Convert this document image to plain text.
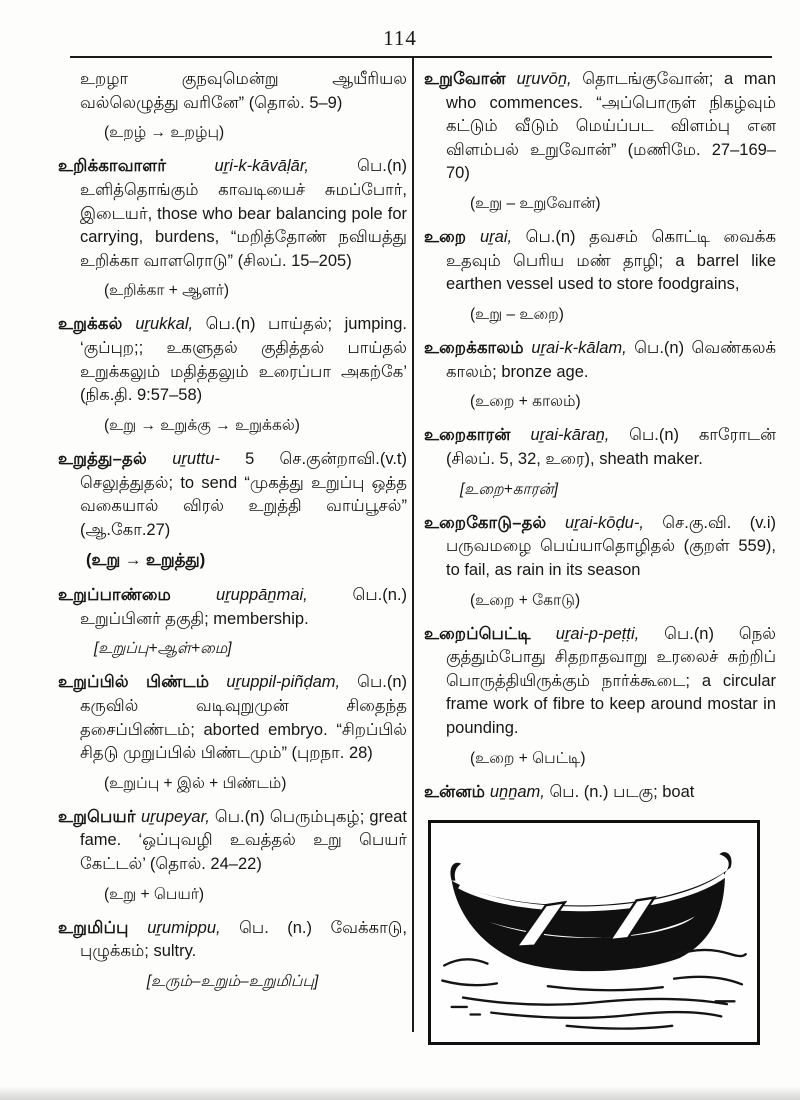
114

உறழா குநவுமென்று ஆயீரியல வல்லெழுத்து வரினே” (தொல். 5–9)

(உறழ் → உறழ்பு)

உறிக்காவாளர் uṟi-k-kāvāḷār, பெ.(n) உளித்தொங்கும் காவடியைச் சுமப்போர், இடையர், those who bear balancing pole for carrying, burdens, “மறித்தோண் நவியத்து உறிக்கா வாளரொடு” (சிலப். 15–205)

(உறிக்கா + ஆளர்)

உறுக்கல் uṟukkal, பெ.(n) பாய்தல்; jumping. ‘குப்புற;; உகளுதல் குதித்தல் பாய்தல் உறுக்கலும் மதித்தலும் உரைப்பா அகற்கே’ (நிக.தி. 9:57–58)

(உறு → உறுக்கு → உறுக்கல்)

உறுத்து–தல் uṟuttu- 5 செ.குன்றாவி.(v.t) செலுத்துதல்; to send “முகத்து உறுப்பு ஒத்த வகையால் விரல் உறுத்தி வாய்பூசல்” (ஆ.கோ.27)

(உறு → உறுத்து)

உறுப்பாண்மை uṟuppāṉmai, பெ.(n.) உறுப்பினர் தகுதி; membership.

[உறுப்பு+ஆள்+மை]

உறுப்பில் பிண்டம் uṟuppil-piñḍam, பெ.(n) கருவில் வடிவுறுமுன் சிதைந்த தசைப்பிண்டம்; aborted embryo. “சிறப்பில் சிதடு முறுப்பில் பிண்டமும்” (புறநா. 28)

(உறுப்பு + இல் + பிண்டம்)

உறுபெயர் uṟupeyar, பெ.(n) பெரும்புகழ்; great fame. ‘ஒப்புவழி உவத்தல் உறு பெயர் கேட்டல்’ (தொல். 24–22)

(உறு + பெயர்)

உறுமிப்பு uṟumippu, பெ. (n.) வேக்காடு, புழுக்கம்; sultry.

[உரும்–உறும்–உறுமிப்பு]

உறுவோன் uṟuvōṉ, தொடங்குவோன்; a man who commences. “அப்பொருள் நிகழ்வும் கட்டும் வீடும் மெய்ப்பட விளம்பு என விளம்பல் உறுவோன்” (மணிமே. 27–169–70)

(உறு – உறுவோன்)

உறை uṟai, பெ.(n) தவசம் கொட்டி வைக்க உதவும் பெரிய மண் தாழி; a barrel like earthen vessel used to store foodgrains,

(உறு – உறை)

உறைக்காலம் uṟai-k-kālam, பெ.(n) வெண்கலக் காலம்; bronze age.

(உறை + காலம்)

உறைகாரன் uṟai-kāraṉ, பெ.(n) காரோடன் (சிலப். 5, 32, உரை), sheath maker.

[உறை+காரன்]

உறைகோடு–தல் uṟai-kōḍu-, செ.கு.வி. (v.i) பருவமழை பெய்யாதொழிதல் (குறள் 559), to fail, as rain in its season

(உறை + கோடு)

உறைப்பெட்டி uṟai-p-peṭṭi, பெ.(n) நெல் குத்தும்போது சிதறாதவாறு உரலைச் சுற்றிப் பொருத்தியிருக்கும் நார்க்கூடை; a circular frame work of fibre to keep around mostar in pounding.

(உறை + பெட்டி)

உன்னம் uṉṉam, பெ. (n.) படகு; boat
